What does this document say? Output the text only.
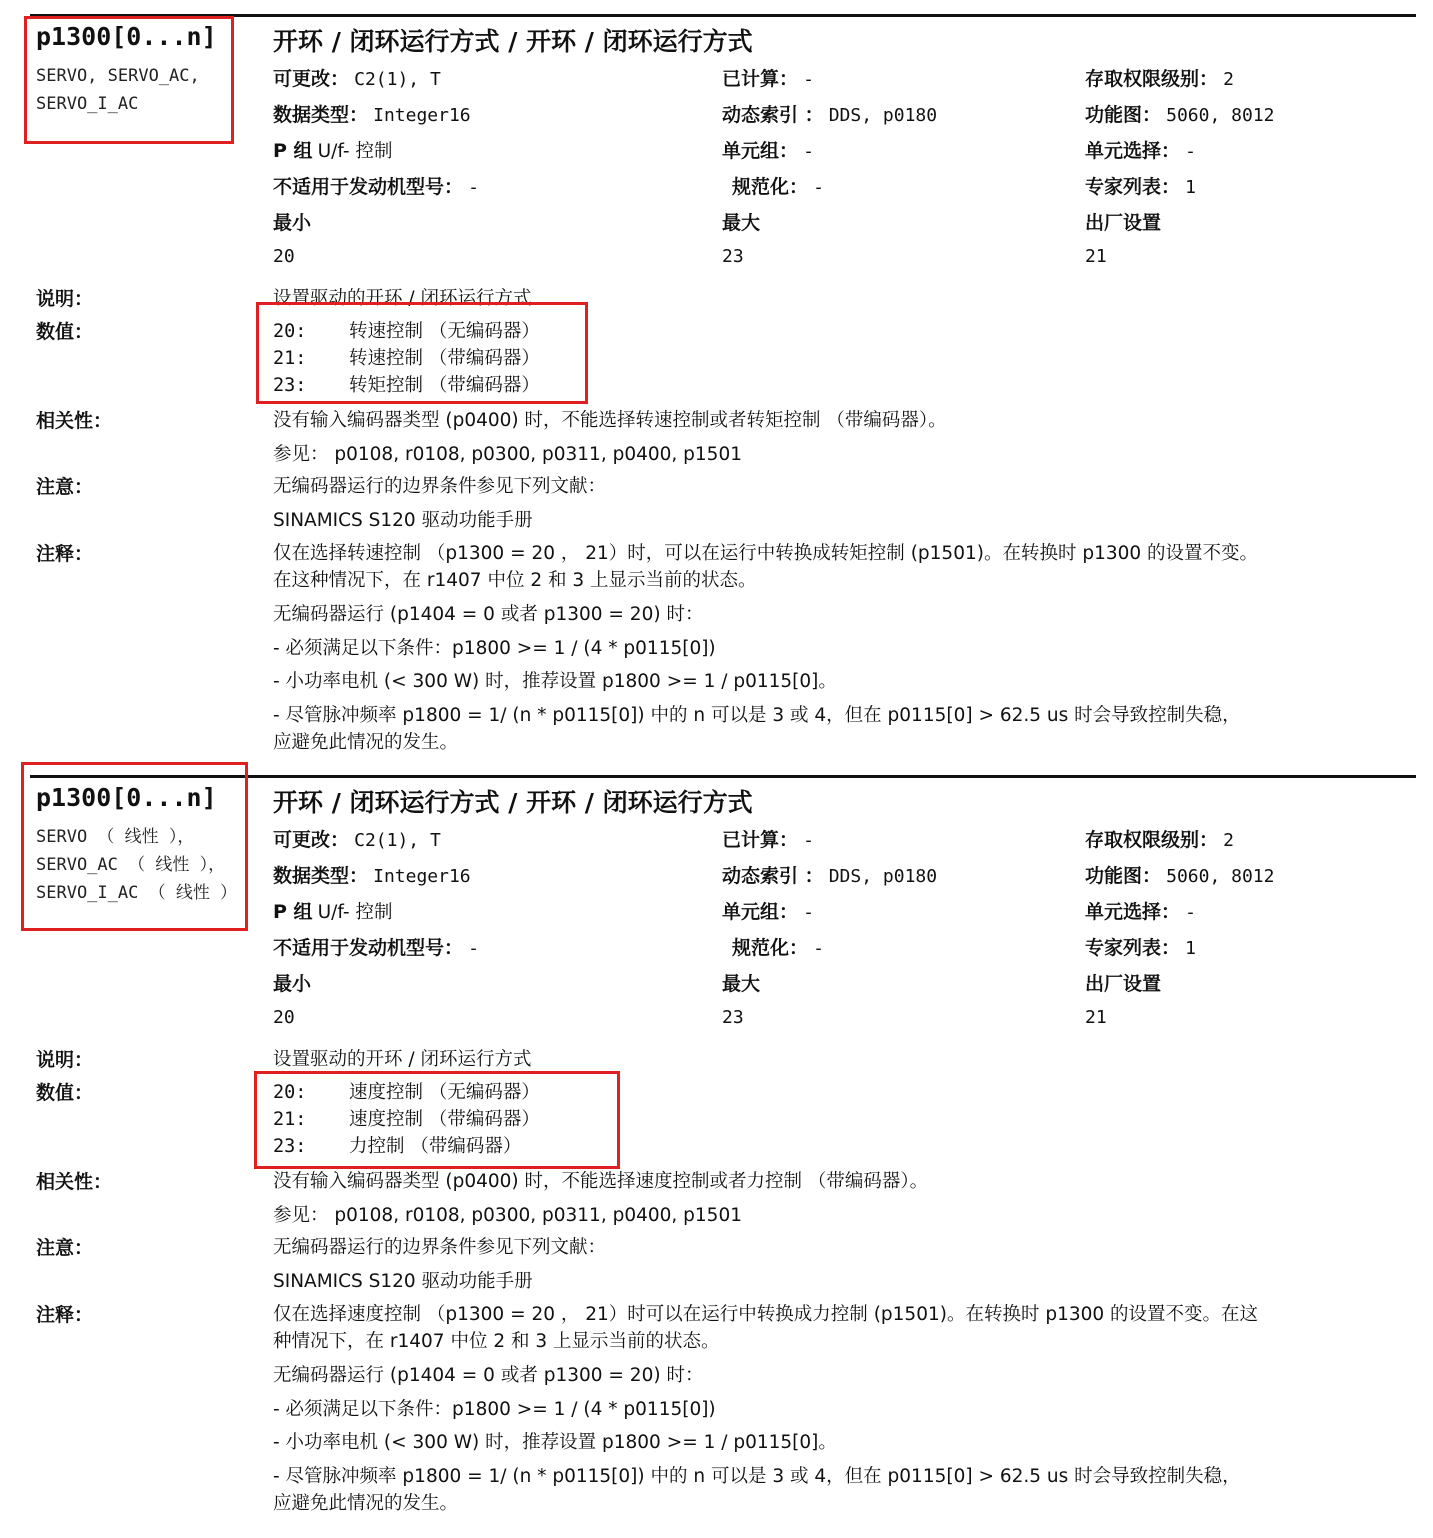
p1300[0...n]
SERVO, SERVO_AC,
SERVO_I_AC
开环 / 闭环运行方式 / 开环 / 闭环运行方式
可更改： C2(1), T	已计算： -	存取权限级别： 2
数据类型： Integer16	动态索引 ： DDS, p0180	功能图： 5060, 8012
P 组 U/f- 控制	单元组： -	单元选择： -
不适用于发动机型号： -	规范化： -	专家列表： 1
最小	最大	出厂设置
20	23	21
说明：	设置驱动的开环 / 闭环运行方式
数值：	20: 转速控制 （无编码器）
21: 转速控制 （带编码器）
23: 转矩控制 （带编码器）
相关性：	没有输入编码器类型 (p0400) 时，不能选择转速控制或者转矩控制 （带编码器）。
参见： p0108, r0108, p0300, p0311, p0400, p1501
注意：	无编码器运行的边界条件参见下列文献：
SINAMICS S120 驱动功能手册
注释：	仅在选择转速控制 （p1300 = 20 ， 21）时，可以在运行中转换成转矩控制 (p1501)。在转换时 p1300 的设置不变。
在这种情况下，在 r1407 中位 2 和 3 上显示当前的状态。
无编码器运行 (p1404 = 0 或者 p1300 = 20) 时：
- 必须满足以下条件：p1800 >= 1 / (4 * p0115[0])
- 小功率电机 (< 300 W) 时，推荐设置 p1800 >= 1 / p0115[0]。
- 尽管脉冲频率 p1800 = 1/ (n * p0115[0]) 中的 n 可以是 3 或 4，但在 p0115[0] > 62.5 us 时会导致控制失稳，
应避免此情况的发生。
p1300[0...n]
SERVO （ 线性 ），
SERVO_AC （ 线性 ），
SERVO_I_AC （ 线性 ）
开环 / 闭环运行方式 / 开环 / 闭环运行方式
可更改： C2(1), T	已计算： -	存取权限级别： 2
数据类型： Integer16	动态索引 ： DDS, p0180	功能图： 5060, 8012
P 组 U/f- 控制	单元组： -	单元选择： -
不适用于发动机型号： -	规范化： -	专家列表： 1
最小	最大	出厂设置
20	23	21
说明：	设置驱动的开环 / 闭环运行方式
数值：	20: 速度控制 （无编码器）
21: 速度控制 （带编码器）
23: 力控制 （带编码器）
相关性：	没有输入编码器类型 (p0400) 时，不能选择速度控制或者力控制 （带编码器）。
参见： p0108, r0108, p0300, p0311, p0400, p1501
注意：	无编码器运行的边界条件参见下列文献：
SINAMICS S120 驱动功能手册
注释：	仅在选择速度控制 （p1300 = 20 ， 21）时可以在运行中转换成力控制 (p1501)。在转换时 p1300 的设置不变。在这
种情况下，在 r1407 中位 2 和 3 上显示当前的状态。
无编码器运行 (p1404 = 0 或者 p1300 = 20) 时：
- 必须满足以下条件：p1800 >= 1 / (4 * p0115[0])
- 小功率电机 (< 300 W) 时，推荐设置 p1800 >= 1 / p0115[0]。
- 尽管脉冲频率 p1800 = 1/ (n * p0115[0]) 中的 n 可以是 3 或 4，但在 p0115[0] > 62.5 us 时会导致控制失稳，
应避免此情况的发生。
